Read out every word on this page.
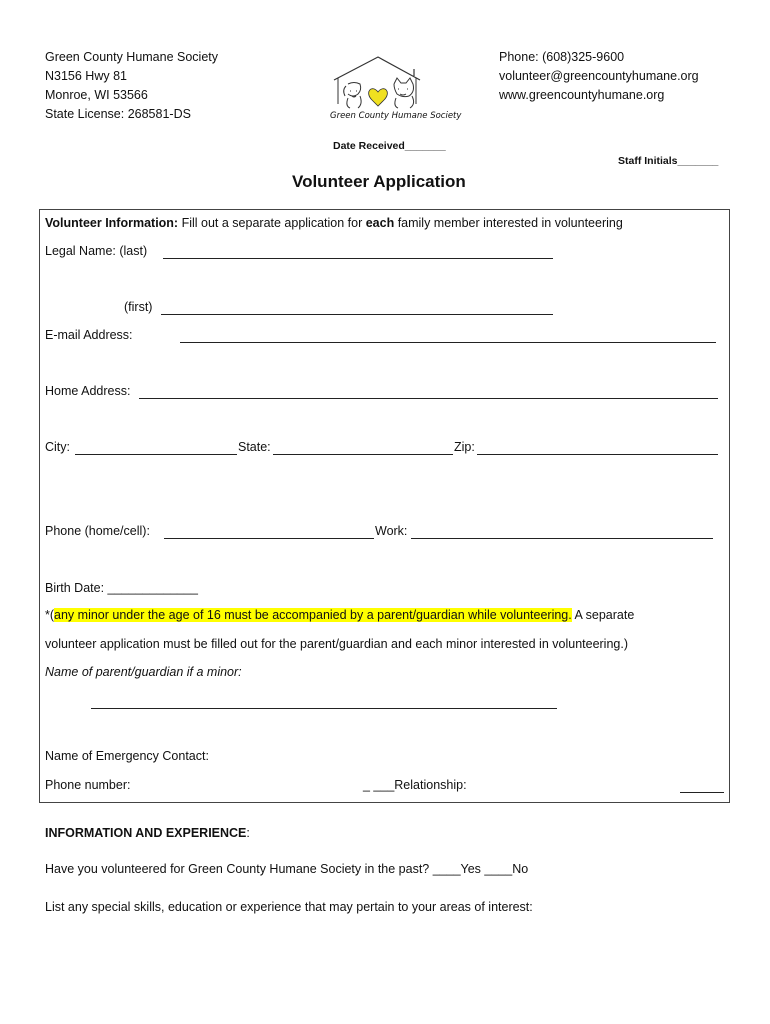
Green County Humane Society
N3156 Hwy 81
Monroe, WI 53566
State License: 268581-DS	Green County Humane Society
Phone: (608)325-9600
volunteer@greencountyhumane.org
www.greencountyhumane.org
Date Received_______
Staff Initials_______
Volunteer Application
Volunteer Information: Fill out a separate application for each family member interested in volunteering
Legal Name: (last)
(first)
E-mail Address:
Home Address:
City:	State:	Zip:
Phone (home/cell):	Work:
Birth Date: _____________
*(any minor under the age of 16 must be accompanied by a parent/guardian while volunteering. A separate
volunteer application must be filled out for the parent/guardian and each minor interested in volunteering.)
Name of parent/guardian if a minor:
Name of Emergency Contact:
Phone number:	_ ___Relationship:
INFORMATION AND EXPERIENCE:
Have you volunteered for Green County Humane Society in the past? ____Yes ____No
List any special skills, education or experience that may pertain to your areas of interest:
